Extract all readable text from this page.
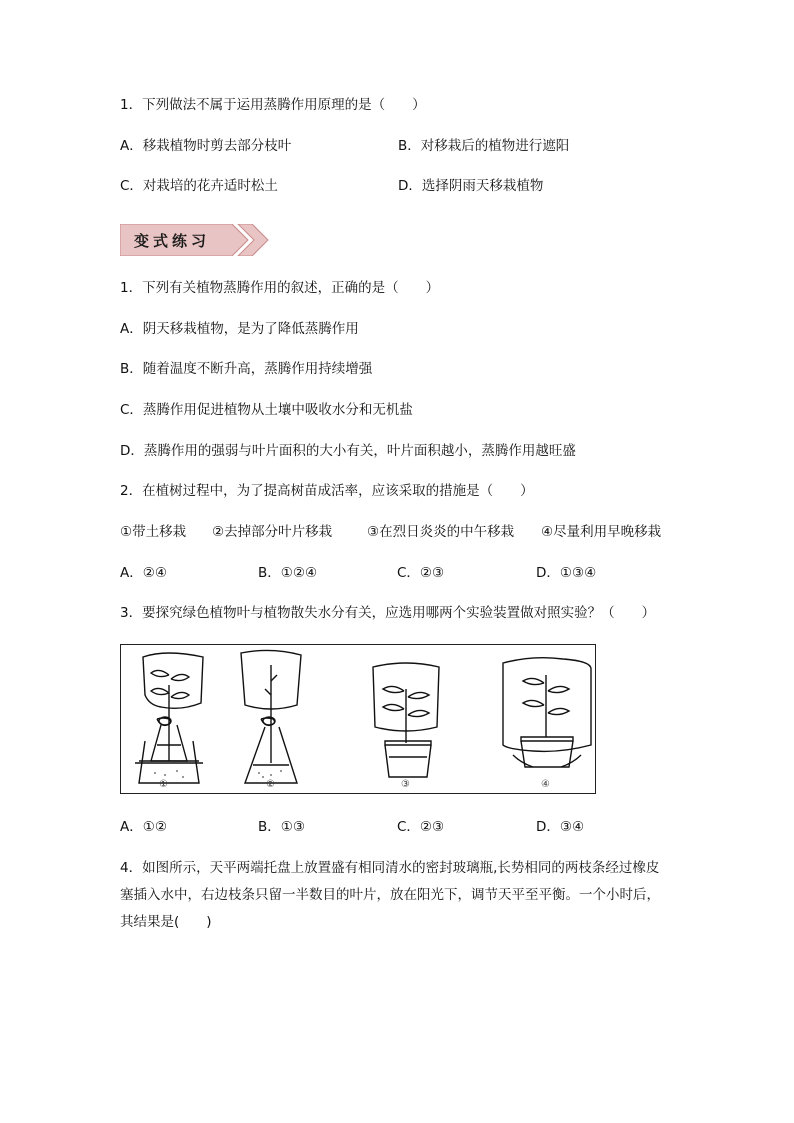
1．下列做法不属于运用蒸腾作用原理的是（　　）
A．移栽植物时剪去部分枝叶	B．对移栽后的植物进行遮阳
C．对栽培的花卉适时松土	D．选择阴雨天移栽植物
变式练习
1．下列有关植物蒸腾作用的叙述，正确的是（　　）
A．阴天移栽植物，是为了降低蒸腾作用
B．随着温度不断升高，蒸腾作用持续增强
C．蒸腾作用促进植物从土壤中吸收水分和无机盐
D．蒸腾作用的强弱与叶片面积的大小有关，叶片面积越小，蒸腾作用越旺盛
2．在植树过程中，为了提高树苗成活率，应该采取的措施是（　　）
①带土移栽 ②去掉部分叶片移栽	③在烈日炎炎的中午移栽 ④尽量利用早晚移栽
A．②④	B．①②④	C．②③	D．①③④
3．要探究绿色植物叶与植物散失水分有关，应选用哪两个实验装置做对照实验？（　　）
①	②	③	④
A．①②	B．①③	C．②③	D．③④
4．如图所示，天平两端托盘上放置盛有相同清水的密封玻璃瓶,长势相同的两枝条经过橡皮
塞插入水中，右边枝条只留一半数目的叶片，放在阳光下，调节天平至平衡。一个小时后，
其结果是(　　)
